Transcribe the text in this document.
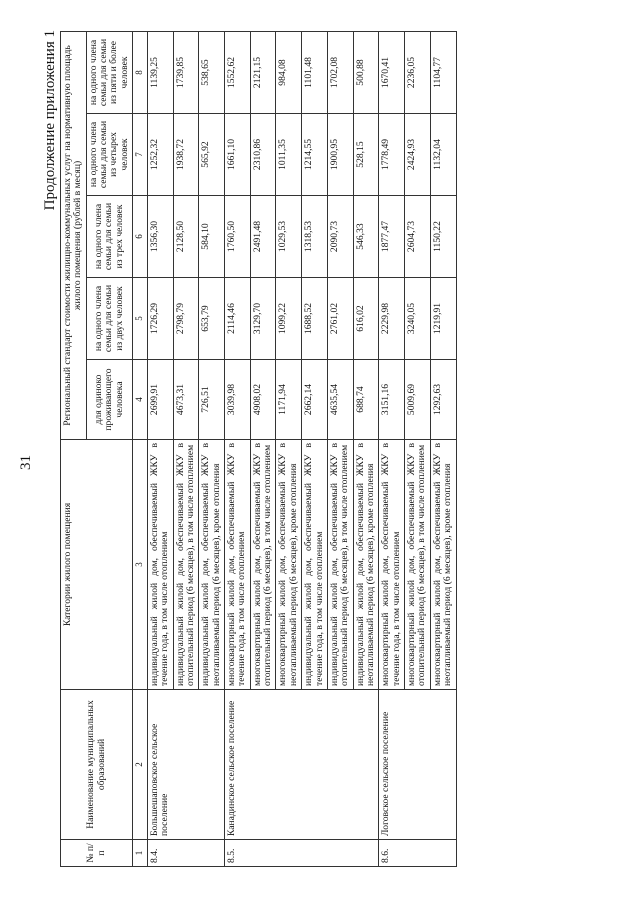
31
Продолжение приложения 1
№ п/п	Наименование муниципальных образований	Категории жилого помещения	Региональный стандарт стоимости жилищно-коммунальных услуг на нормативную площадь жилого помещения (рублей в месяц)				
			для одиноко проживающего человека	на одного члена семьи для семьи из двух человек	на одного члена семьи для семьи из трех человек	на одного члена семьи для семьи из четырех человек	на одного члена семьи для семьи из пяти и более человек
1	2	3	4	5	6	7	8
8.4.	Большешаповское сельское поселение	индивидуальный жилой дом, обеспечиваемый ЖКУ в течение года, в том числе отоплением	2699,91	1726,29	1356,30	1252,32	1139,25
		индивидуальный жилой дом, обеспечиваемый ЖКУ в отопительный период (6 месяцев), в том числе отоплением	4673,31	2798,79	2128,50	1938,72	1739,85
		индивидуальный жилой дом, обеспечиваемый ЖКУ в неотапливаемый период (6 месяцев), кроме отопления	726,51	653,79	584,10	565,92	538,65
8.5.	Канадинское сельское поселение	многоквартирный жилой дом, обеспечиваемый ЖКУ в течение года, в том числе отоплением	3039,98	2114,46	1760,50	1661,10	1552,62
		многоквартирный жилой дом, обеспечиваемый ЖКУ в отопительный период (6 месяцев), в том числе отоплением	4908,02	3129,70	2491,48	2310,86	2121,15
		многоквартирный жилой дом, обеспечиваемый ЖКУ в неотапливаемый период (6 месяцев), кроме отопления	1171,94	1099,22	1029,53	1011,35	984,08
		индивидуальный жилой дом, обеспечиваемый ЖКУ в течение года, в том числе отоплением	2662,14	1688,52	1318,53	1214,55	1101,48
		индивидуальный жилой дом, обеспечиваемый ЖКУ в отопительный период (6 месяцев), в том числе отоплением	4635,54	2761,02	2090,73	1900,95	1702,08
		индивидуальный жилой дом, обеспечиваемый ЖКУ в неотапливаемый период (6 месяцев), кроме отопления	688,74	616,02	546,33	528,15	500,88
8.6.	Логовское сельское поселение	многоквартирный жилой дом, обеспечиваемый ЖКУ в течение года, в том числе отоплением	3151,16	2229,98	1877,47	1778,49	1670,41
		многоквартирный жилой дом, обеспечиваемый ЖКУ в отопительный период (6 месяцев), в том числе отоплением	5009,69	3240,05	2604,73	2424,93	2236,05
		многоквартирный жилой дом, обеспечиваемый ЖКУ в неотапливаемый период (6 месяцев), кроме отопления	1292,63	1219,91	1150,22	1132,04	1104,77
